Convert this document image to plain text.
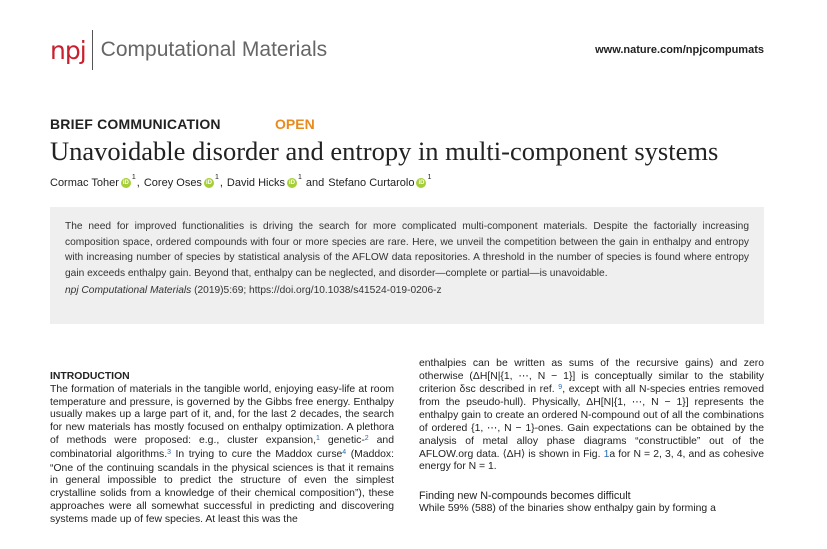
npj Computational Materials	www.nature.com/npjcompumats
BRIEF COMMUNICATION	OPEN
Unavoidable disorder and entropy in multi-component systems
Cormac Toher iD
1 , Corey Oses iD
1 , David Hicks iD
1 and Stefano Curtarolo iD
1

The need for improved functionalities is driving the search for more complicated multi-component materials. Despite the factorially increasing composition space, ordered compounds with four or more species are rare. Here, we unveil the competition between the gain in enthalpy and entropy with increasing number of species by statistical analysis of the AFLOW data repositories. A threshold in the number of species is found where entropy gain exceeds enthalpy gain. Beyond that, enthalpy can be neglected, and disorder—complete or partial—is unavoidable.

npj Computational Materials (2019)5:69; https://doi.org/10.1038/s41524-019-0206-z
INTRODUCTION

The formation of materials in the tangible world, enjoying easy-life at room temperature and pressure, is governed by the Gibbs free energy. Enthalpy usually makes up a large part of it, and, for the last 2 decades, the search for new materials has mostly focused on enthalpy optimization. A plethora of methods were proposed: e.g., cluster expansion,$^1$ genetic-$^2$ and combinatorial algorithms.$^3$ In trying to cure the Maddox curse$^4$ (Maddox: “One of the continuing scandals in the physical sciences is that it remains in general impossible to predict the structure of even the simplest crystalline solids from a knowledge of their chemical composition”), these approaches were all somewhat successful in predicting and discovering systems made up of few species. At least this was the

enthalpies can be written as sums of the recursive gains) and zero otherwise (ΔH[N|{1, ⋯, N − 1}] is conceptually similar to the stability criterion δsc described in ref. $^9$, except with all N-species entries removed from the pseudo-hull). Physically, ΔH[N|{1, ⋯, N − 1}] represents the enthalpy gain to create an ordered N-compound out of all the combinations of ordered {1, ⋯, N − 1}-ones. Gain expectations can be obtained by the analysis of metal alloy phase diagrams “constructible” out of the AFLOW.org data. ⟨ΔH⟩ is shown in Fig. 1a for N = 2, 3, 4, and as cohesive energy for N = 1.

Finding new N-compounds becomes difficult

While 59% (588) of the binaries show enthalpy gain by forming a
